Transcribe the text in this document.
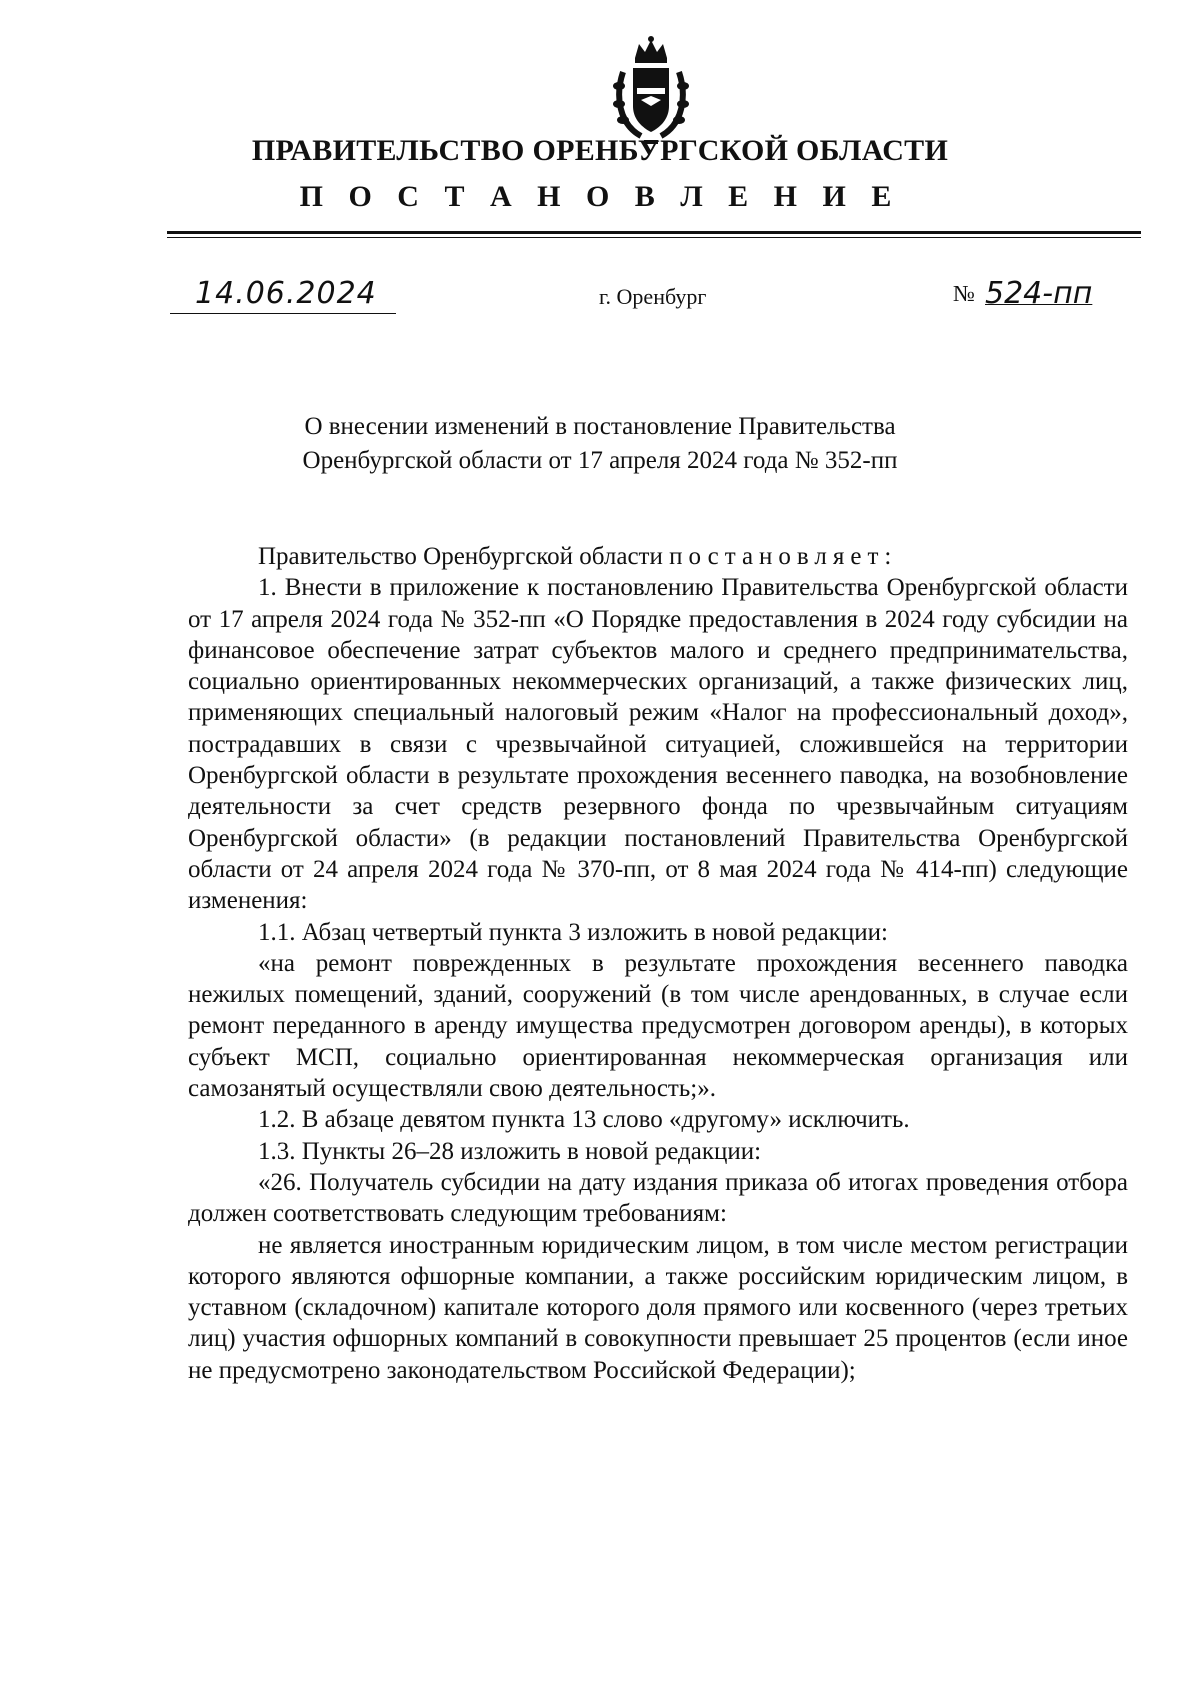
ПРАВИТЕЛЬСТВО ОРЕНБУРГСКОЙ ОБЛАСТИ
П О С Т А Н О В Л Е Н И Е
14.06.2024	г. Оренбург	№ 524-пп
О внесении изменений в постановление Правительства
Оренбургской области от 17 апреля 2024 года № 352-пп

Правительство Оренбургской области постановляет:

1. Внести в приложение к постановлению Правительства Оренбургской области от 17 апреля 2024 года № 352-пп «О Порядке предоставления в 2024 году субсидии на финансовое обеспечение затрат субъектов малого и среднего предпринимательства, социально ориентированных некоммерческих организаций, а также физических лиц, применяющих специальный налоговый режим «Налог на профессиональный доход», пострадавших в связи с чрезвычайной ситуацией, сложившейся на территории Оренбургской области в результате прохождения весеннего паводка, на возобновление деятельности за счет средств резервного фонда по чрезвычайным ситуациям Оренбургской области» (в редакции постановлений Правительства Оренбургской области от 24 апреля 2024 года № 370-пп, от 8 мая 2024 года № 414-пп) следующие изменения:

1.1. Абзац четвертый пункта 3 изложить в новой редакции:

«на ремонт поврежденных в результате прохождения весеннего паводка нежилых помещений, зданий, сооружений (в том числе арендованных, в случае если ремонт переданного в аренду имущества предусмотрен договором аренды), в которых субъект МСП, социально ориентированная некоммерческая организация или самозанятый осуществляли свою деятельность;».

1.2. В абзаце девятом пункта 13 слово «другому» исключить.

1.3. Пункты 26–28 изложить в новой редакции:

«26. Получатель субсидии на дату издания приказа об итогах проведения отбора должен соответствовать следующим требованиям:

не является иностранным юридическим лицом, в том числе местом регистрации которого являются офшорные компании, а также российским юридическим лицом, в уставном (складочном) капитале которого доля прямого или косвенного (через третьих лиц) участия офшорных компаний в совокупности превышает 25 процентов (если иное не предусмотрено законодательством Российской Федерации);
